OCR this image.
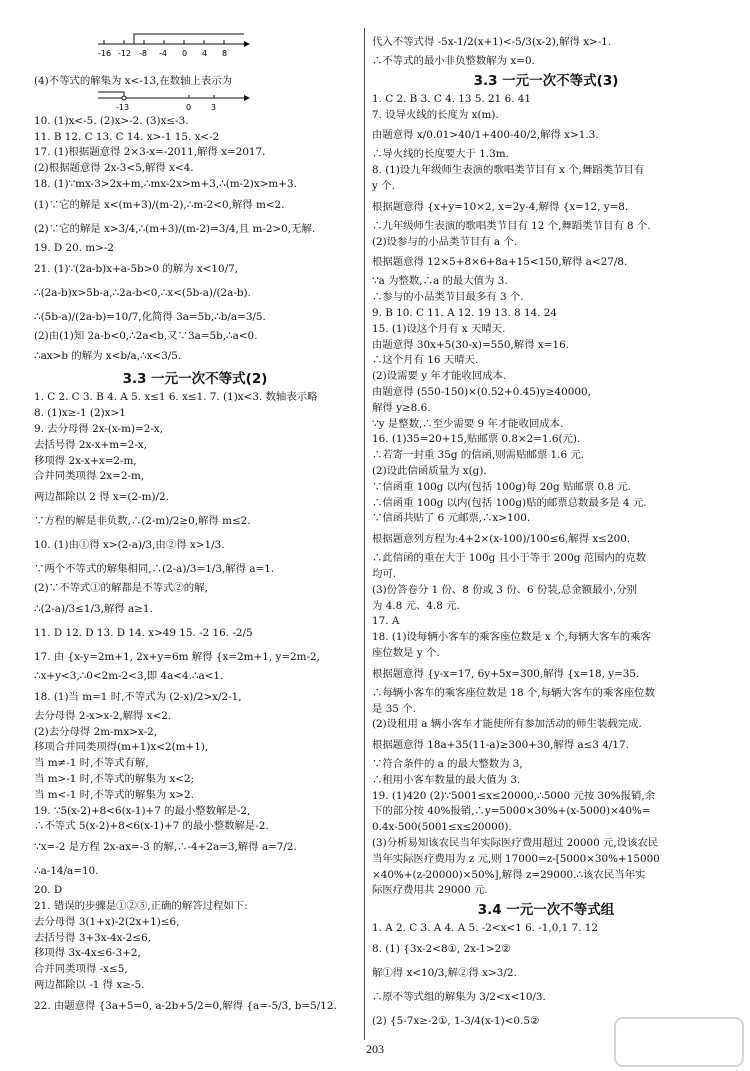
-16 -12 -8 -4 0 4 8
(4)不等式的解集为 x<-13,在数轴上表示为
-13	0 3
10. (1)x<-5. (2)x>-2. (3)x≤-3.
11. B 12. C 13. C 14. x>-1 15. x<-2
17. (1)根据题意得 2×3-x=-2011,解得 x=2017.
(2)根据题意得 2x-3<5,解得 x<4.
18. (1)∵mx-3>2x+m,∴mx-2x>m+3,∴(m-2)x>m+3.
(1)∵它的解是 x<(m+3)/(m-2),∴m-2<0,解得 m<2.
(2)∵它的解是 x>3/4,∴(m+3)/(m-2)=3/4,且 m-2>0,无解.
19. D 20. m>-2
21. (1)∵(2a-b)x+a-5b>0 的解为 x<10/7,
∴(2a-b)x>5b-a,∴2a-b<0,∴x<(5b-a)/(2a-b).
∴(5b-a)/(2a-b)=10/7,化简得 3a=5b,∴b/a=3/5.
(2)由(1)知 2a-b<0,∴2a<b,又∵3a=5b,∴a<0.
∴ax>b 的解为 x<b/a,∴x<3/5.
3.3 一元一次不等式(2)
1. C 2. C 3. B 4. A 5. x≤1 6. x≤1. 7. (1)x<3. 数轴表示略
8. (1)x≥-1 (2)x>1
9. 去分母得 2x-(x-m)=2-x,
去括号得 2x-x+m=2-x,
移项得 2x-x+x=2-m,
合并同类项得 2x=2-m,
两边都除以 2 得 x=(2-m)/2.
∵方程的解是非负数,∴(2-m)/2≥0,解得 m≤2.
10. (1)由①得 x>(2-a)/3,由②得 x>1/3.
∵两个不等式的解集相同,∴(2-a)/3=1/3,解得 a=1.
(2)∵不等式①的解都是不等式②的解,
∴(2-a)/3≤1/3,解得 a≥1.
11. D 12. D 13. D 14. x>49 15. -2 16. -2/5
17. 由 {x-y=2m+1, 2x+y=6m 解得 {x=2m+1, y=2m-2,
∴x+y<3,∴0<2m-2<3,即 4a<4.∴a<1.
18. (1)当 m=1 时,不等式为 (2-x)/2>x/2-1,
去分母得 2-x>x-2,解得 x<2.
(2)去分母得 2m-mx>x-2,
移项合并同类项得(m+1)x<2(m+1),
当 m≠-1 时,不等式有解,
当 m>-1 时,不等式的解集为 x<2;
当 m<-1 时,不等式的解集为 x>2.
19. ∵5(x-2)+8<6(x-1)+7 的最小整数解是-2,
∴不等式 5(x-2)+8<6(x-1)+7 的最小整数解是-2.
∵x=-2 是方程 2x-ax=-3 的解,∴-4+2a=3,解得 a=7/2.
∴a-14/a=10.
20. D
21. 错误的步骤是①②⑤,正确的解答过程如下:
去分母得 3(1+x)-2(2x+1)≤6,
去括号得 3+3x-4x-2≤6,
移项得 3x-4x≤6-3+2,
合并同类项得 -x≤5,
两边都除以 -1 得 x≥-5.
22. 由题意得 {3a+5=0, a-2b+5/2=0,解得 {a=-5/3, b=5/12.
代入不等式得 -5x-1/2(x+1)<-5/3(x-2),解得 x>-1.
∴不等式的最小非负整数解为 x=0.
3.3 一元一次不等式(3)
1. C 2. B 3. C 4. 13 5. 21 6. 41
7. 设导火线的长度为 x(m).
由题意得 x/0.01>40/1+400-40/2,解得 x>1.3.
∴导火线的长度要大于 1.3m.
8. (1)设九年级师生表演的歌唱类节目有 x 个,舞蹈类节目有
y 个.
根据题意得 {x+y=10×2, x=2y-4,解得 {x=12, y=8.
∴九年级师生表演的歌唱类节目有 12 个,舞蹈类节目有 8 个.
(2)设参与的小品类节目有 a 个.
根据题意得 12×5+8×6+8a+15<150,解得 a<27/8.
∵a 为整数,∴a 的最大值为 3.
∴参与的小品类节目最多有 3 个.
9. B 10. C 11. A 12. 19 13. 8 14. 24
15. (1)设这个月有 x 天晴天.
由题意得 30x+5(30-x)=550,解得 x=16.
∴这个月有 16 天晴天.
(2)设需要 y 年才能收回成本.
由题意得 (550-150)×(0.52+0.45)y≥40000,
解得 y≥8.6.
∵y 是整数,∴至少需要 9 年才能收回成本.
16. (1)35=20+15,贴邮票 0.8×2=1.6(元).
∴若寄一封重 35g 的信函,则需贴邮票 1.6 元.
(2)设此信函质量为 x(g).
∵信函重 100g 以内(包括 100g)每 20g 贴邮票 0.8 元.
∴信函重 100g 以内(包括 100g)贴的邮票总数最多是 4 元.
∵信函共贴了 6 元邮票,∴x>100.
根据题意列方程为:4+2×(x-100)/100≤6,解得 x≤200.
∴此信函的重在大于 100g 且小于等于 200g 范围内的克数
均可.
(3)份答卷分 1 份、8 份或 3 份、6 份装,总金额最小,分别
为 4.8 元、4.8 元.
17. A
18. (1)设每辆小客车的乘客座位数是 x 个,每辆大客车的乘客
座位数是 y 个.
根据题意得 {y-x=17, 6y+5x=300,解得 {x=18, y=35.
∴每辆小客车的乘客座位数是 18 个,每辆大客车的乘客座位数
是 35 个.
(2)设租用 a 辆小客车才能使所有参加活动的师生装载完成.
根据题意得 18a+35(11-a)≥300+30,解得 a≤3 4/17.
∵符合条件的 a 的最大整数为 3,
∴租用小客车数量的最大值为 3.
19. (1)420 (2)∵5001≤x≤20000,∴5000 元按 30%报销,余
下的部分按 40%报销,∴y=5000×30%+(x-5000)×40%=
0.4x-500(5001≤x≤20000).
(3)分析易知该农民当年实际医疗费用超过 20000 元,设该农民
当年实际医疗费用为 z 元,则 17000=z-[5000×30%+15000
×40%+(z-20000)×50%],解得 z=29000.∴该农民当年实
际医疗费用共 29000 元.
3.4 一元一次不等式组
1. A 2. C 3. A 4. A 5. -2<x<1 6. -1,0,1 7. 12
8. (1) {3x-2<8①, 2x-1>2②
解①得 x<10/3,解②得 x>3/2.
∴原不等式组的解集为 3/2<x<10/3.
(2) {5-7x≥-2①, 1-3/4(x-1)<0.5②
203
